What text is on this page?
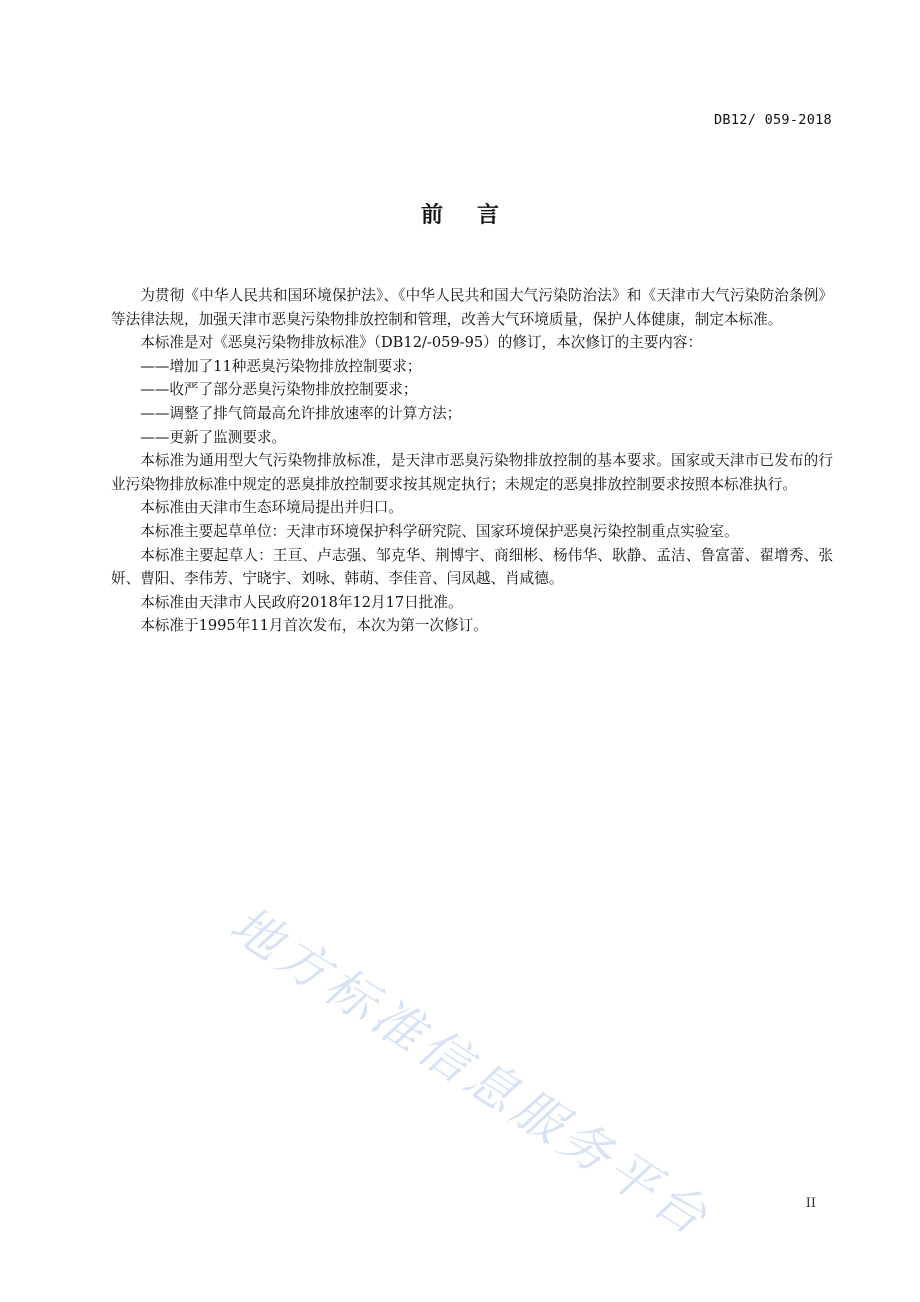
DB12/ 059-2018
前 言

为贯彻《中华人民共和国环境保护法》、《中华人民共和国大气污染防治法》和《天津市大气污染防治条例》等法律法规，加强天津市恶臭污染物排放控制和管理，改善大气环境质量，保护人体健康，制定本标准。

本标准是对《恶臭污染物排放标准》（DB12/-059-95）的修订，本次修订的主要内容：

——增加了11种恶臭污染物排放控制要求；

——收严了部分恶臭污染物排放控制要求；

——调整了排气筒最高允许排放速率的计算方法；

——更新了监测要求。

本标准为通用型大气污染物排放标准，是天津市恶臭污染物排放控制的基本要求。国家或天津市已发布的行业污染物排放标准中规定的恶臭排放控制要求按其规定执行；未规定的恶臭排放控制要求按照本标准执行。

本标准由天津市生态环境局提出并归口。

本标准主要起草单位：天津市环境保护科学研究院、国家环境保护恶臭污染控制重点实验室。

本标准主要起草人：王亘、卢志强、邹克华、荆博宇、商细彬、杨伟华、耿静、孟洁、鲁富蕾、翟增秀、张妍、曹阳、李伟芳、宁晓宇、刘咏、韩萌、李佳音、闫凤越、肖咸德。

本标准由天津市人民政府2018年12月17日批准。

本标准于1995年11月首次发布，本次为第一次修订。

地方标准信息服务平台	II
